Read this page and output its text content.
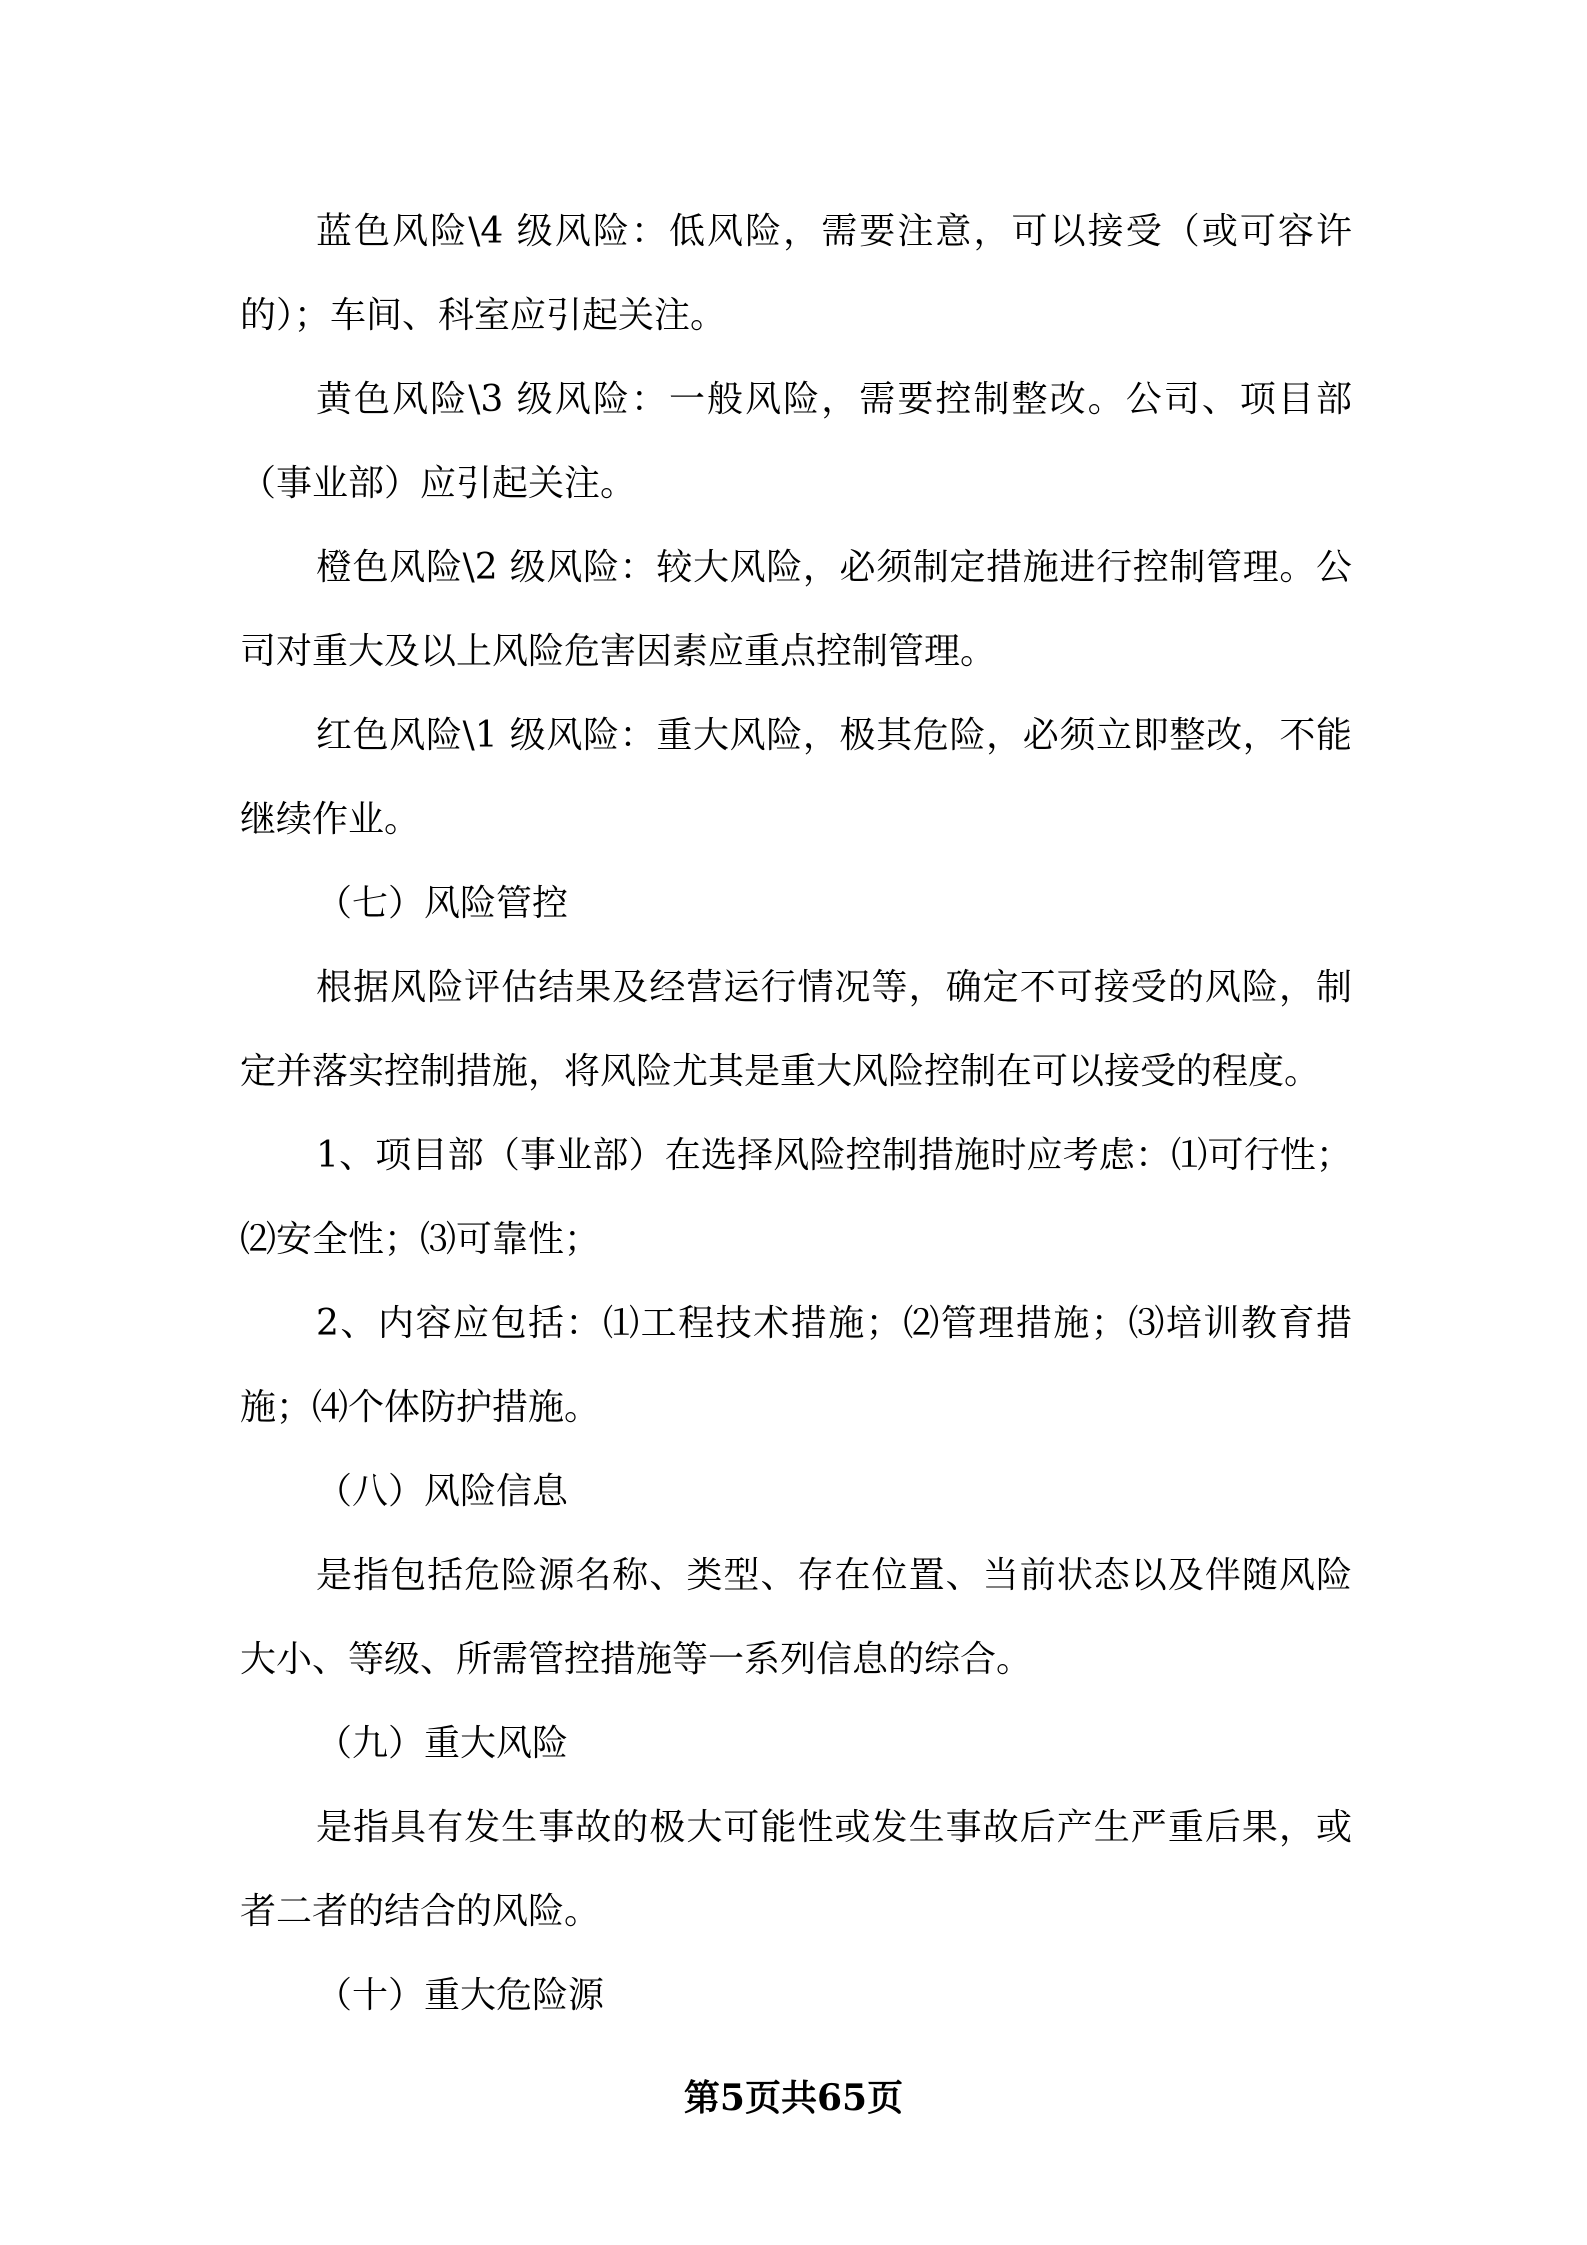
蓝色风险\4 级风险：低风险，需要注意，可以接受（或可容许的）；车间、科室应引起关注。

黄色风险\3 级风险：一般风险，需要控制整改。公司、项目部（事业部）应引起关注。

橙色风险\2 级风险：较大风险，必须制定措施进行控制管理。公司对重大及以上风险危害因素应重点控制管理。

红色风险\1 级风险：重大风险，极其危险，必须立即整改，不能继续作业。

（七）风险管控

根据风险评估结果及经营运行情况等，确定不可接受的风险，制定并落实控制措施，将风险尤其是重大风险控制在可以接受的程度。

1、项目部（事业部）在选择风险控制措施时应考虑：⑴可行性；⑵安全性；⑶可靠性；

2、内容应包括：⑴工程技术措施；⑵管理措施；⑶培训教育措施；⑷个体防护措施。

（八）风险信息

是指包括危险源名称、类型、存在位置、当前状态以及伴随风险大小、等级、所需管控措施等一系列信息的综合。

（九）重大风险

是指具有发生事故的极大可能性或发生事故后产生严重后果，或者二者的结合的风险。

（十）重大危险源

第5页共65页
